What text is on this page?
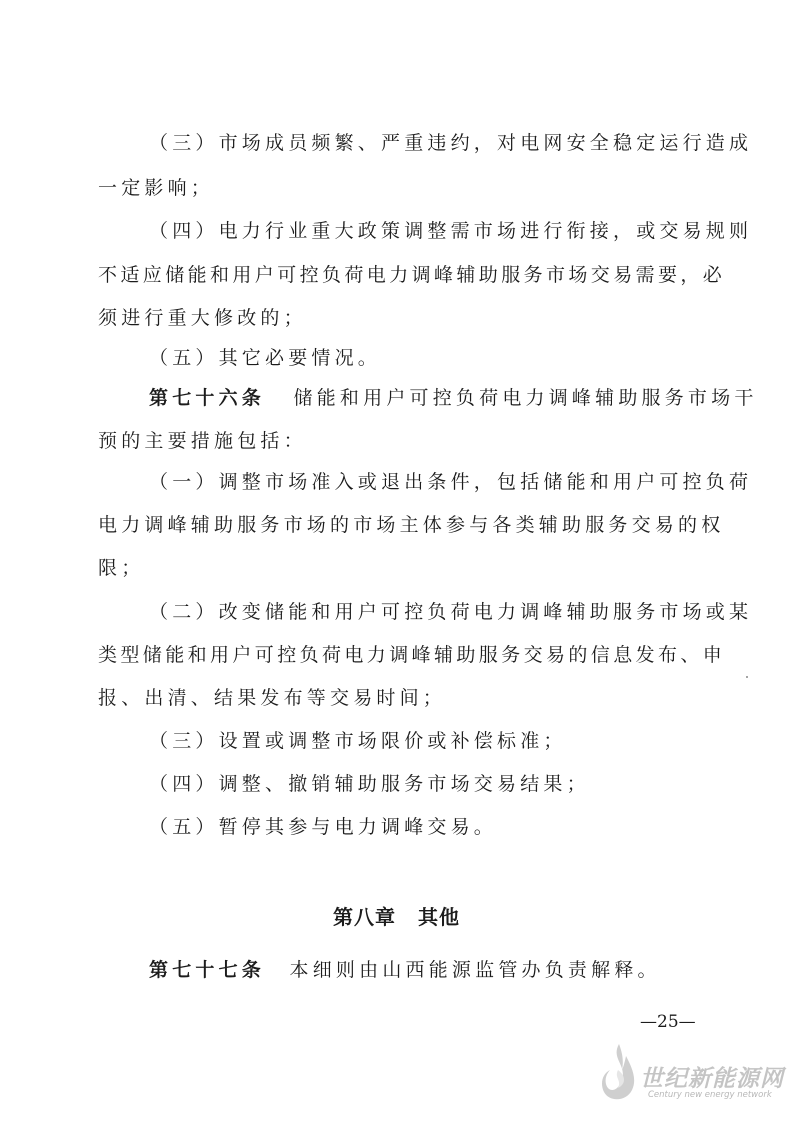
（三）市场成员频繁、严重违约，对电网安全稳定运行造成
一定影响；
（四）电力行业重大政策调整需市场进行衔接，或交易规则
不适应储能和用户可控负荷电力调峰辅助服务市场交易需要，必
须进行重大修改的；
（五）其它必要情况。
第七十六条 储能和用户可控负荷电力调峰辅助服务市场干
预的主要措施包括：
（一）调整市场准入或退出条件，包括储能和用户可控负荷
电力调峰辅助服务市场的市场主体参与各类辅助服务交易的权
限；
（二）改变储能和用户可控负荷电力调峰辅助服务市场或某
类型储能和用户可控负荷电力调峰辅助服务交易的信息发布、申
报、出清、结果发布等交易时间；
（三）设置或调整市场限价或补偿标准；
（四）调整、撤销辅助服务市场交易结果；
（五）暂停其参与电力调峰交易。
第八章 其他
第七十七条 本细则由山西能源监管办负责解释。
—25—
世纪新能源网
Century new energy network
